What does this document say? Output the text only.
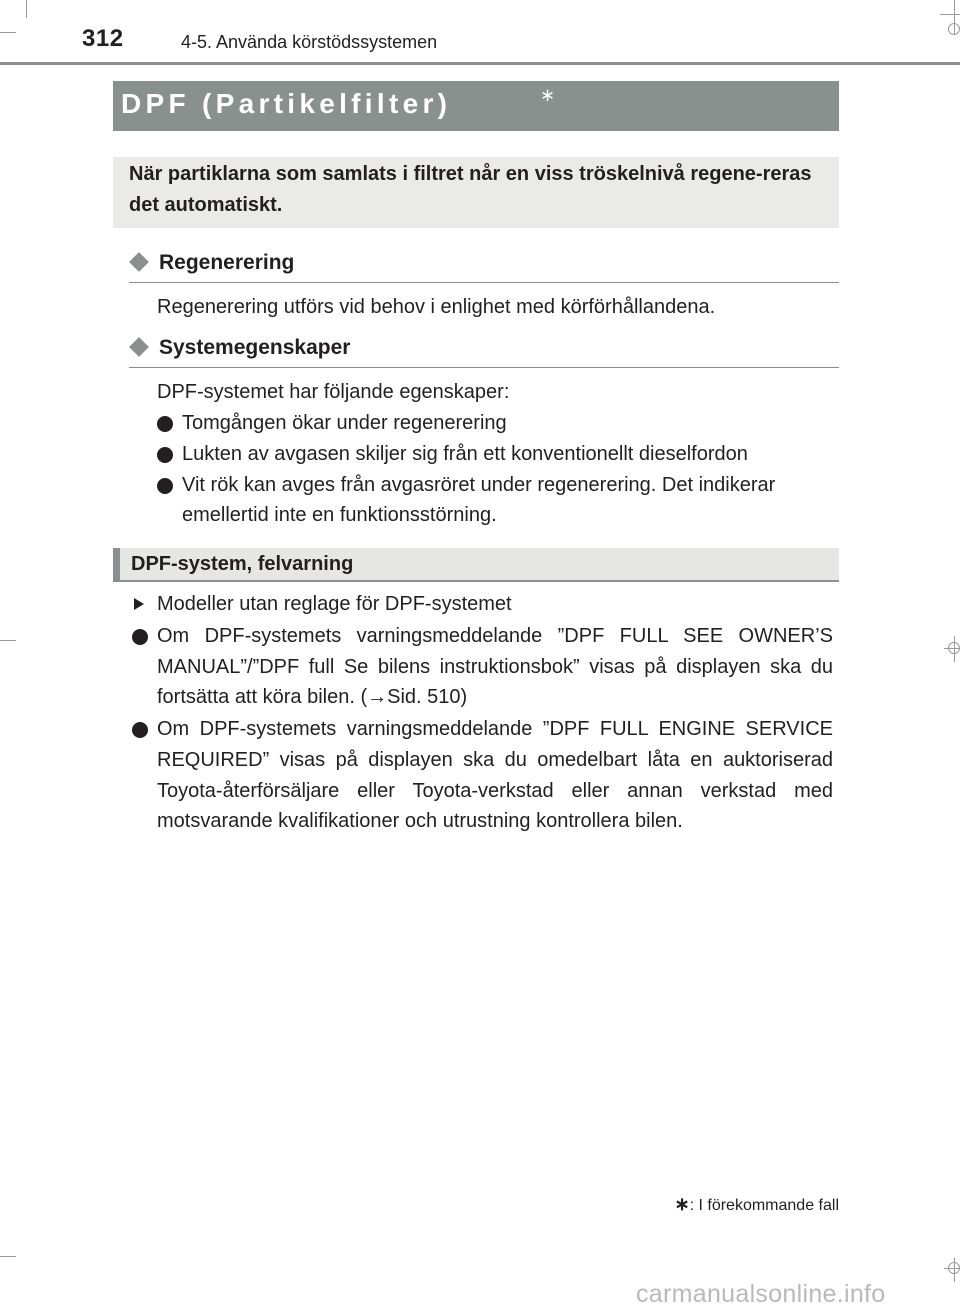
312	4-5. Använda körstödssystemen
DPF (Partikelfilter)	∗
När partiklarna som samlats i filtret når en viss tröskelnivå regene-reras det automatiskt.
Regenerering
Regenerering utförs vid behov i enlighet med körförhållandena.
Systemegenskaper
DPF-systemet har följande egenskaper:
Tomgången ökar under regenerering
Lukten av avgasen skiljer sig från ett konventionellt dieselfordon
Vit rök kan avges från avgasröret under regenerering. Det indikerar emellertid inte en funktionsstörning.
DPF-system, felvarning
Modeller utan reglage för DPF-systemet
Om DPF-systemets varningsmeddelande ”DPF FULL SEE OWNER’S MANUAL”/”DPF full Se bilens instruktionsbok” visas på displayen ska du fortsätta att köra bilen. (→Sid. 510)
Om DPF-systemets varningsmeddelande ”DPF FULL ENGINE SERVICE REQUIRED” visas på displayen ska du omedelbart låta en auktoriserad Toyota-återförsäljare eller Toyota-verkstad eller annan verkstad med motsvarande kvalifikationer och utrustning kontrollera bilen.
∗: I förekommande fall
carmanualsonline.info
